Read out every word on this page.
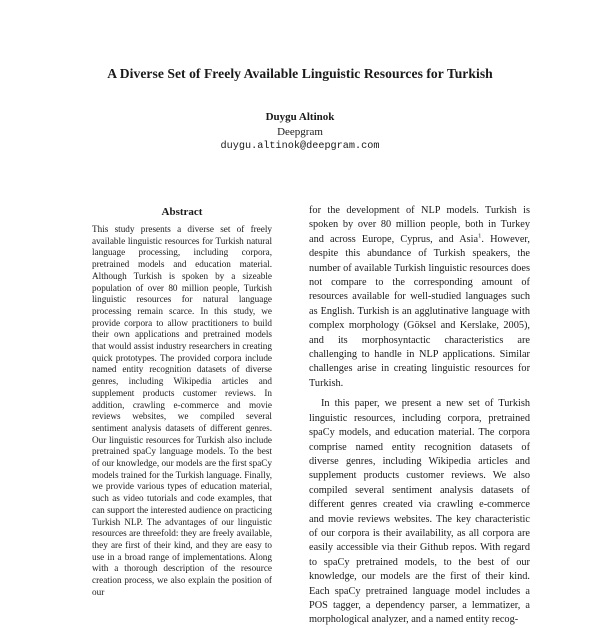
A Diverse Set of Freely Available Linguistic Resources for Turkish
Duygu Altinok
Deepgram
duygu.altinok@deepgram.com
Abstract
This study presents a diverse set of freely available linguistic resources for Turkish natural language processing, including corpora, pretrained models and education material. Although Turkish is spoken by a sizeable population of over 80 million people, Turkish linguistic resources for natural language processing remain scarce. In this study, we provide corpora to allow practitioners to build their own applications and pretrained models that would assist industry researchers in creating quick prototypes. The provided corpora include named entity recognition datasets of diverse genres, including Wikipedia articles and supplement products customer reviews. In addition, crawling e-commerce and movie reviews websites, we compiled several sentiment analysis datasets of different genres. Our linguistic resources for Turkish also include pretrained spaCy language models. To the best of our knowledge, our models are the first spaCy models trained for the Turkish language. Finally, we provide various types of education material, such as video tutorials and code examples, that can support the interested audience on practicing Turkish NLP. The advantages of our linguistic resources are threefold: they are freely available, they are first of their kind, and they are easy to use in a broad range of implementations. Along with a thorough description of the resource creation process, we also explain the position of our

for the development of NLP models. Turkish is spoken by over 80 million people, both in Turkey and across Europe, Cyprus, and Asia$^1$. However, despite this abundance of Turkish speakers, the number of available Turkish linguistic resources does not compare to the corresponding amount of resources available for well-studied languages such as English. Turkish is an agglutinative language with complex morphology (Göksel and Kerslake, 2005), and its morphosyntactic characteristics are challenging to handle in NLP applications. Similar challenges arise in creating linguistic resources for Turkish.

In this paper, we present a new set of Turkish linguistic resources, including corpora, pretrained spaCy models, and education material. The corpora comprise named entity recognition datasets of diverse genres, including Wikipedia articles and supplement products customer reviews. We also compiled several sentiment analysis datasets of different genres created via crawling e-commerce and movie reviews websites. The key characteristic of our corpora is their availability, as all corpora are easily accessible via their Github repos. With regard to spaCy pretrained models, to the best of our knowledge, our models are the first of their kind. Each spaCy pretrained language model includes a POS tagger, a dependency parser, a lemmatizer, a morphological analyzer, and a named entity recog-
